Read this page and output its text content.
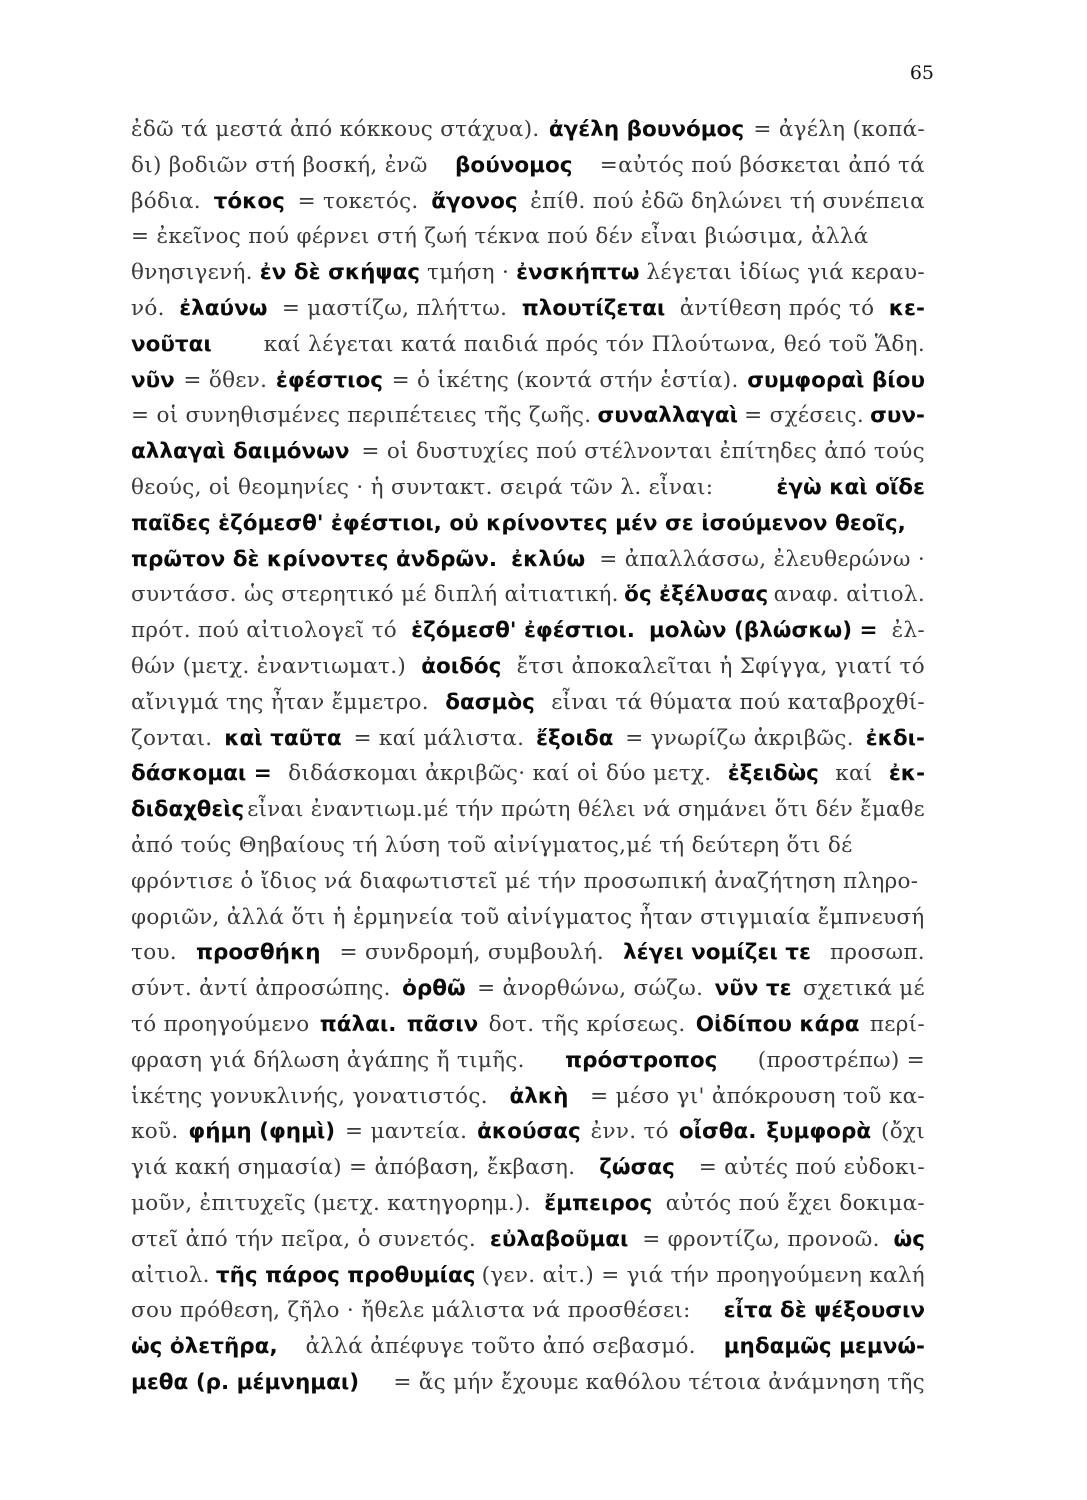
65
ἐδῶ τά μεστά ἀπό κόκκους στάχυα). ἀγέλη βουνόμος = ἀγέλη (κοπά-
δι) βοδιῶν στή βοσκή, ἐνῶ βούνομος =αὐτός πού βόσκεται ἀπό τά
βόδια. τόκος = τοκετός. ἄγονος ἐπίθ. πού ἐδῶ δηλώνει τή συνέπεια
= ἐκεῖνος πού φέρνει στή ζωή τέκνα πού δέν εἶναι βιώσιμα, ἀλλά
θνησιγενή. ἐν δὲ σκήψας τμήση · ἐνσκήπτω λέγεται ἰδίως γιά κεραυ-
νό. ἐλαύνω = μαστίζω, πλήττω. πλουτίζεται ἀντίθεση πρός τό κε-
νοῦται καί λέγεται κατά παιδιά πρός τόν Πλούτωνα, θεό τοῦ Ἅδη.
νῦν = ὅθεν. ἐφέστιος = ὁ ἱκέτης (κοντά στήν ἑστία). συμφοραὶ βίου
= οἱ συνηθισμένες περιπέτειες τῆς ζωῆς. συναλλαγαὶ = σχέσεις. συν-
αλλαγαὶ δαιμόνων = οἱ δυστυχίες πού στέλνονται ἐπίτηδες ἀπό τούς
θεούς, οἱ θεομηνίες · ἡ συντακτ. σειρά τῶν λ. εἶναι:	ἐγὼ καὶ οἵδε
παῖδες ἑζόμεσθ' ἐφέστιοι, οὐ κρίνοντες μέν σε ἰσούμενον θεοῖς,
πρῶτον δὲ κρίνοντες ἀνδρῶν. ἐκλύω = ἀπαλλάσσω, ἐλευθερώνω ·
συντάσσ. ὡς στερητικό μέ διπλή αἰτιατική. ὅς ἐξέλυσας αναφ. αἰτιολ.
πρότ. πού αἰτιολογεῖ τό ἑζόμεσθ' ἐφέστιοι. μολὼν (βλώσκω) = ἐλ-
θών (μετχ. ἐναντιωματ.) ἀοιδός ἔτσι ἀποκαλεῖται ἡ Σφίγγα, γιατί τό
αἴνιγμά της ἦταν ἔμμετρο. δασμὸς εἶναι τά θύματα πού καταβροχθί-
ζονται. καὶ ταῦτα = καί μάλιστα. ἔξοιδα = γνωρίζω ἀκριβῶς. ἐκδι-
δάσκομαι = διδάσκομαι ἀκριβῶς· καί οἱ δύο μετχ. ἐξειδὼς καί ἐκ-
διδαχθεὶς εἶναι ἐναντιωμ.μέ τήν πρώτη θέλει νά σημάνει ὅτι δέν ἔμαθε
ἀπό τούς Θηβαίους τή λύση τοῦ αἰνίγματος,μέ τή δεύτερη ὅτι δέ
φρόντισε ὁ ἴδιος νά διαφωτιστεῖ μέ τήν προσωπική ἀναζήτηση πληρο-
φοριῶν, ἀλλά ὅτι ἡ ἑρμηνεία τοῦ αἰνίγματος ἦταν στιγμιαία ἔμπνευσή
του. προσθήκη = συνδρομή, συμβουλή. λέγει νομίζει τε προσωπ.
σύντ. ἀντί ἀπροσώπης. ὀρθῶ = ἀνορθώνω, σώζω. νῦν τε σχετικά μέ
τό προηγούμενο πάλαι. πᾶσιν δοτ. τῆς κρίσεως. Οἰδίπου κάρα περί-
φραση γιά δήλωση ἀγάπης ἤ τιμῆς. πρόστροπος (προστρέπω) =
ἱκέτης γονυκλινής, γονατιστός. ἀλκὴ = μέσο γι' ἀπόκρουση τοῦ κα-
κοῦ. φήμη (φημὶ) = μαντεία. ἀκούσας ἐνν. τό οἶσθα. ξυμφορὰ (ὄχι
γιά κακή σημασία) = ἀπόβαση, ἔκβαση. ζώσας = αὐτές πού εὐδοκι-
μοῦν, ἐπιτυχεῖς (μετχ. κατηγορημ.). ἔμπειρος αὐτός πού ἔχει δοκιμα-
στεῖ ἀπό τήν πεῖρα, ὁ συνετός. εὐλαβοῦμαι = φροντίζω, προνοῶ. ὡς
αἰτιολ. τῆς πάρος προθυμίας (γεν. αἰτ.) = γιά τήν προηγούμενη καλή
σου πρόθεση, ζῆλο · ἤθελε μάλιστα νά προσθέσει: εἶτα δὲ ψέξουσιν
ὡς ὀλετῆρα, ἀλλά ἀπέφυγε τοῦτο ἀπό σεβασμό. μηδαμῶς μεμνώ-
μεθα (ρ. μέμνημαι) = ἄς μήν ἔχουμε καθόλου τέτοια ἀνάμνηση τῆς
